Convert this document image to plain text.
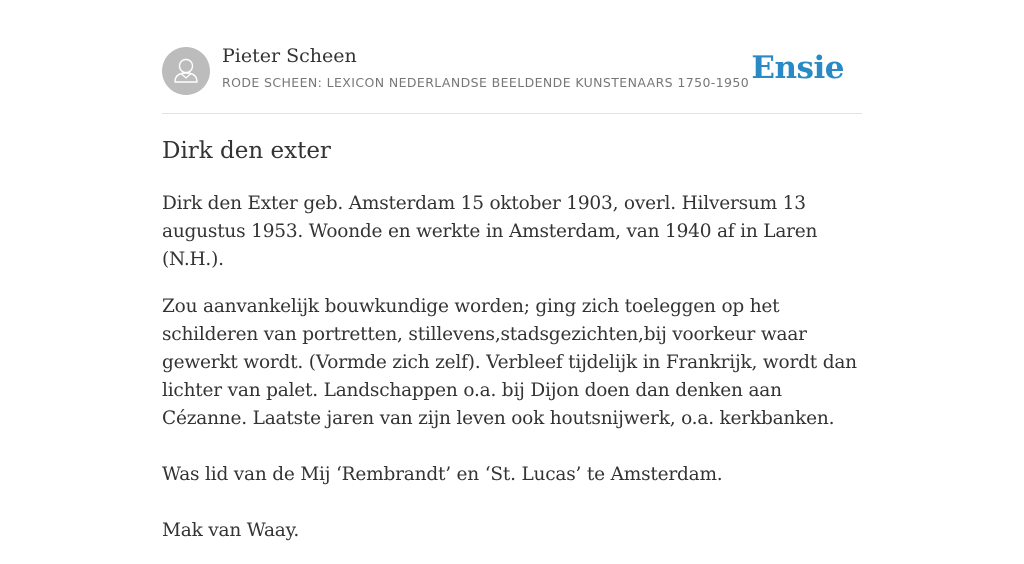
Pieter Scheen
RODE SCHEEN: LEXICON NEDERLANDSE BEELDENDE KUNSTENAARS 1750-1950 Ensie
Dirk den exter

Dirk den Exter geb. Amsterdam 15 oktober 1903, overl. Hilversum 13 augustus 1953. Woonde en werkte in Amsterdam, van 1940 af in Laren (N.H.).

Zou aanvankelijk bouwkundige worden; ging zich toeleggen op het schilderen van portretten, stillevens,stadsgezichten,bij voorkeur waar gewerkt wordt. (Vormde zich zelf). Verbleef tijdelijk in Frankrijk, wordt dan lichter van palet. Landschappen o.a. bij Dijon doen dan denken aan Cézanne. Laatste jaren van zijn leven ook houtsnijwerk, o.a. kerkbanken.

Was lid van de Mij ‘Rembrandt’ en ‘St. Lucas’ te Amsterdam.

Mak van Waay.
